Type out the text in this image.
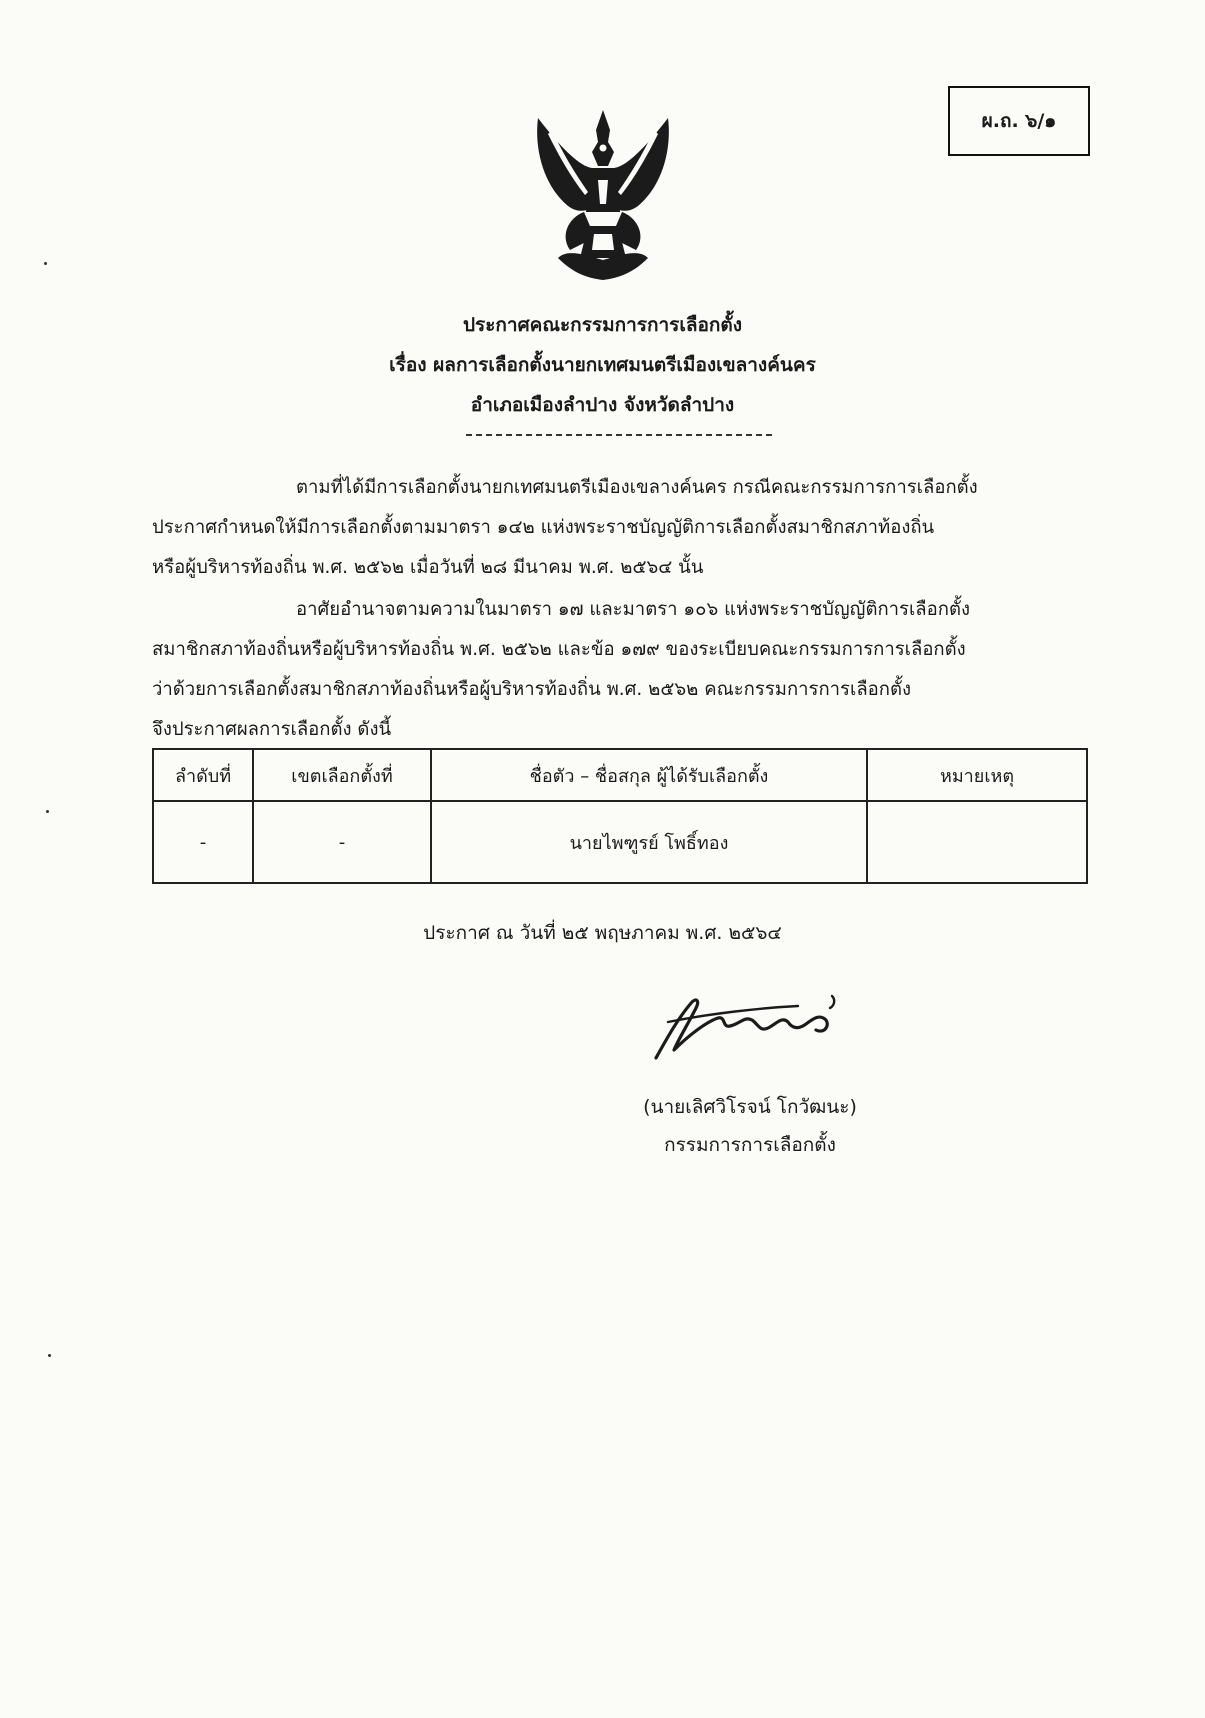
ผ.ถ. ๖/๑
ประกาศคณะกรรมการการเลือกตั้ง
เรื่อง ผลการเลือกตั้งนายกเทศมนตรีเมืองเขลางค์นคร
อำเภอเมืองลำปาง จังหวัดลำปาง
ตามที่ได้มีการเลือกตั้งนายกเทศมนตรีเมืองเขลางค์นคร กรณีคณะกรรมการการเลือกตั้ง
ประกาศกำหนดให้มีการเลือกตั้งตามมาตรา ๑๔๒ แห่งพระราชบัญญัติการเลือกตั้งสมาชิกสภาท้องถิ่น
หรือผู้บริหารท้องถิ่น พ.ศ. ๒๕๖๒ เมื่อวันที่ ๒๘ มีนาคม พ.ศ. ๒๕๖๔ นั้น
อาศัยอำนาจตามความในมาตรา ๑๗ และมาตรา ๑๐๖ แห่งพระราชบัญญัติการเลือกตั้ง
สมาชิกสภาท้องถิ่นหรือผู้บริหารท้องถิ่น พ.ศ. ๒๕๖๒ และข้อ ๑๗๙ ของระเบียบคณะกรรมการการเลือกตั้ง
ว่าด้วยการเลือกตั้งสมาชิกสภาท้องถิ่นหรือผู้บริหารท้องถิ่น พ.ศ. ๒๕๖๒ คณะกรรมการการเลือกตั้ง
จึงประกาศผลการเลือกตั้ง ดังนี้
ลำดับที่	เขตเลือกตั้งที่	ชื่อตัว – ชื่อสกุล ผู้ได้รับเลือกตั้ง	หมายเหตุ
-	-	นายไพฑูรย์ โพธิ์ทอง	
ประกาศ ณ วันที่ ๒๕ พฤษภาคม พ.ศ. ๒๕๖๔
(นายเลิศวิโรจน์ โกวัฒนะ)
กรรมการการเลือกตั้ง
